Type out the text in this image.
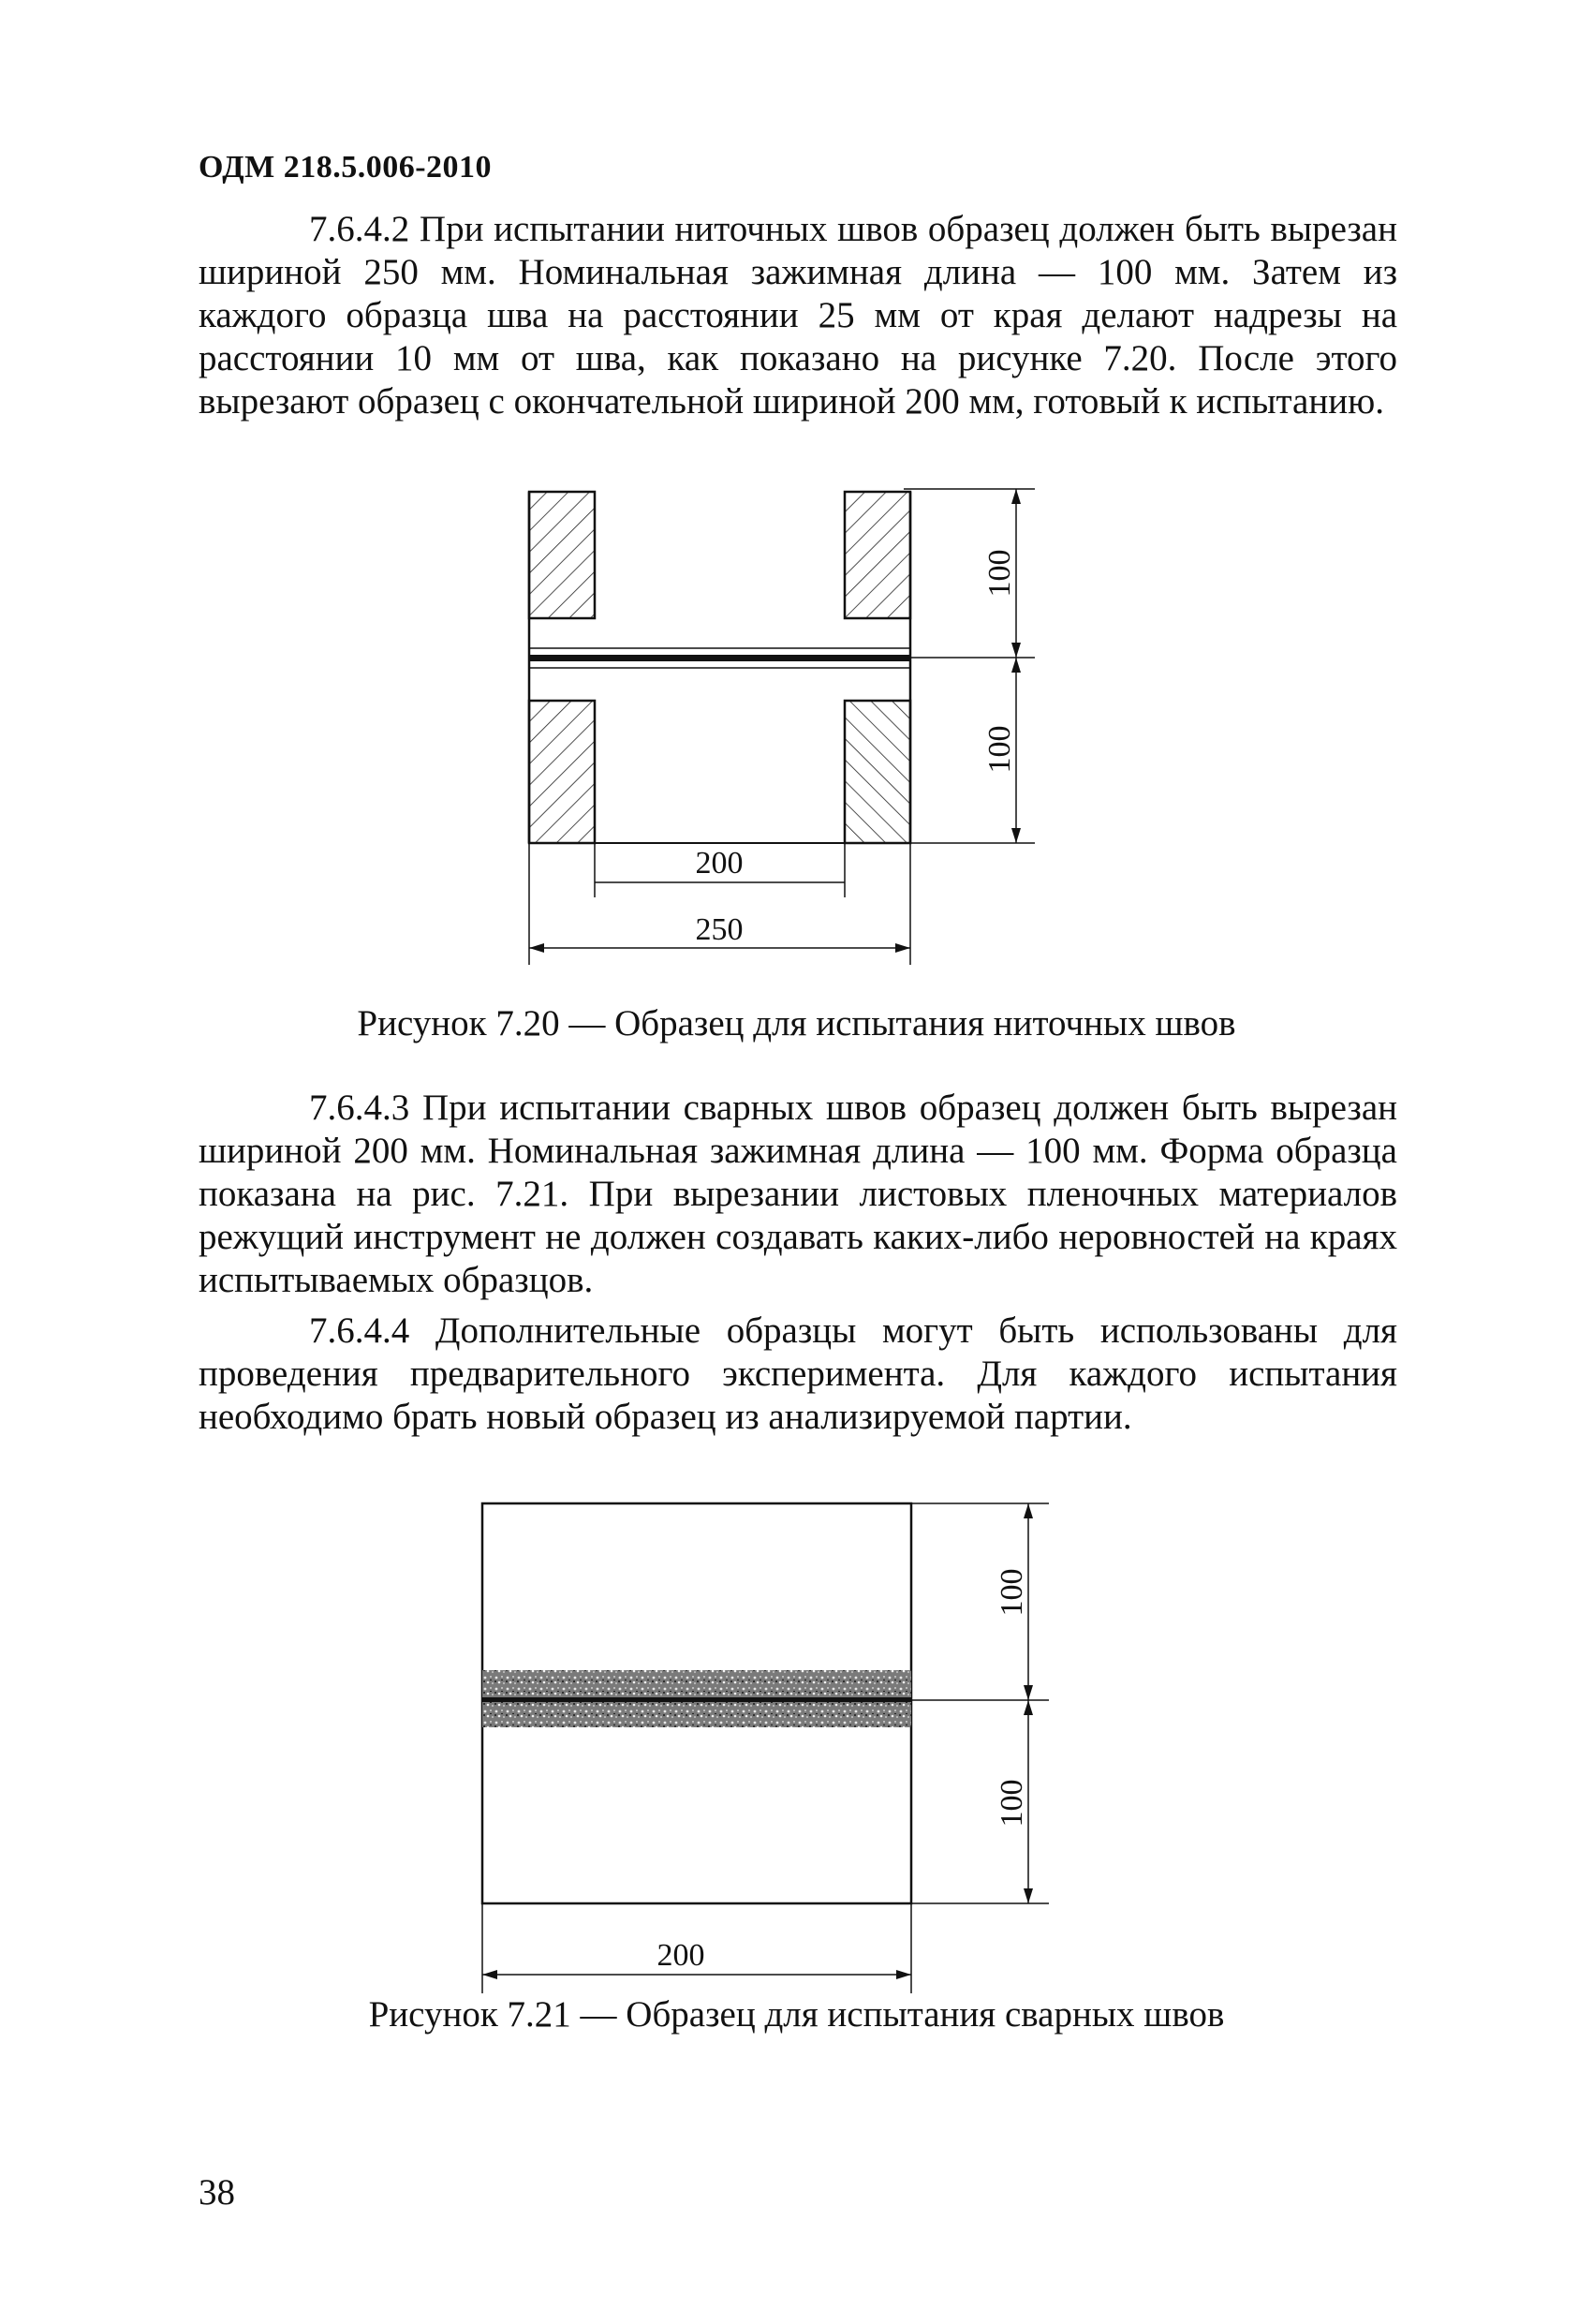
ОДМ 218.5.006-2010

7.6.4.2 При испытании ниточных швов образец должен быть вырезан шириной 250 мм. Номинальная зажимная длина — 100 мм. Затем из каждого образца шва на расстоянии 25 мм от края делают надрезы на расстоянии 10 мм от шва, как показано на рисунке 7.20. После этого вырезают образец с окончательной шириной 200 мм, готовый к испытанию.

100
100
200
250
100
100
200
Рисунок 7.20 — Образец для испытания ниточных швов

7.6.4.3 При испытании сварных швов образец должен быть вырезан шириной 200 мм. Номинальная зажимная длина — 100 мм. Форма образца показана на рис. 7.21. При вырезании листовых пленочных материалов режущий инструмент не должен создавать каких-либо неровностей на краях испытываемых образцов.

7.6.4.4 Дополнительные образцы могут быть использованы для проведения предварительного эксперимента. Для каждого испытания необходимо брать новый образец из анализируемой партии.

Рисунок 7.21 — Образец для испытания сварных швов
38
